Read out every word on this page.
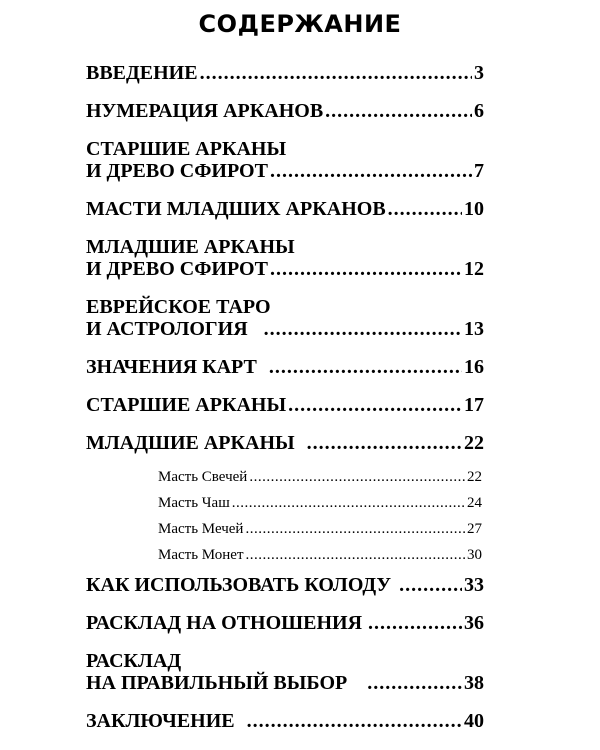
СОДЕРЖАНИЕ
ВВЕДЕНИЕ .....	3
НУМЕРАЦИЯ АРКАНОВ .....	6
СТАРШИЕ АРКАНЫ
И ДРЕВО СФИРОТ .....	7
МАСТИ МЛАДШИХ АРКАНОВ .....	10
МЛАДШИЕ АРКАНЫ
И ДРЕВО СФИРОТ .....	12
ЕВРЕЙСКОЕ ТАРО
И АСТРОЛОГИЯ .....	13
ЗНАЧЕНИЯ КАРТ .....	16
СТАРШИЕ АРКАНЫ .....	17
МЛАДШИЕ АРКАНЫ .....	22
Масть Свечей .....	22
Масть Чаш .....	24
Масть Мечей .....	27
Масть Монет .....	30
КАК ИСПОЛЬЗОВАТЬ КОЛОДУ .....	33
РАСКЛАД НА ОТНОШЕНИЯ .....	36
РАСКЛАД
НА ПРАВИЛЬНЫЙ ВЫБОР .....	38
ЗАКЛЮЧЕНИЕ .....	40
